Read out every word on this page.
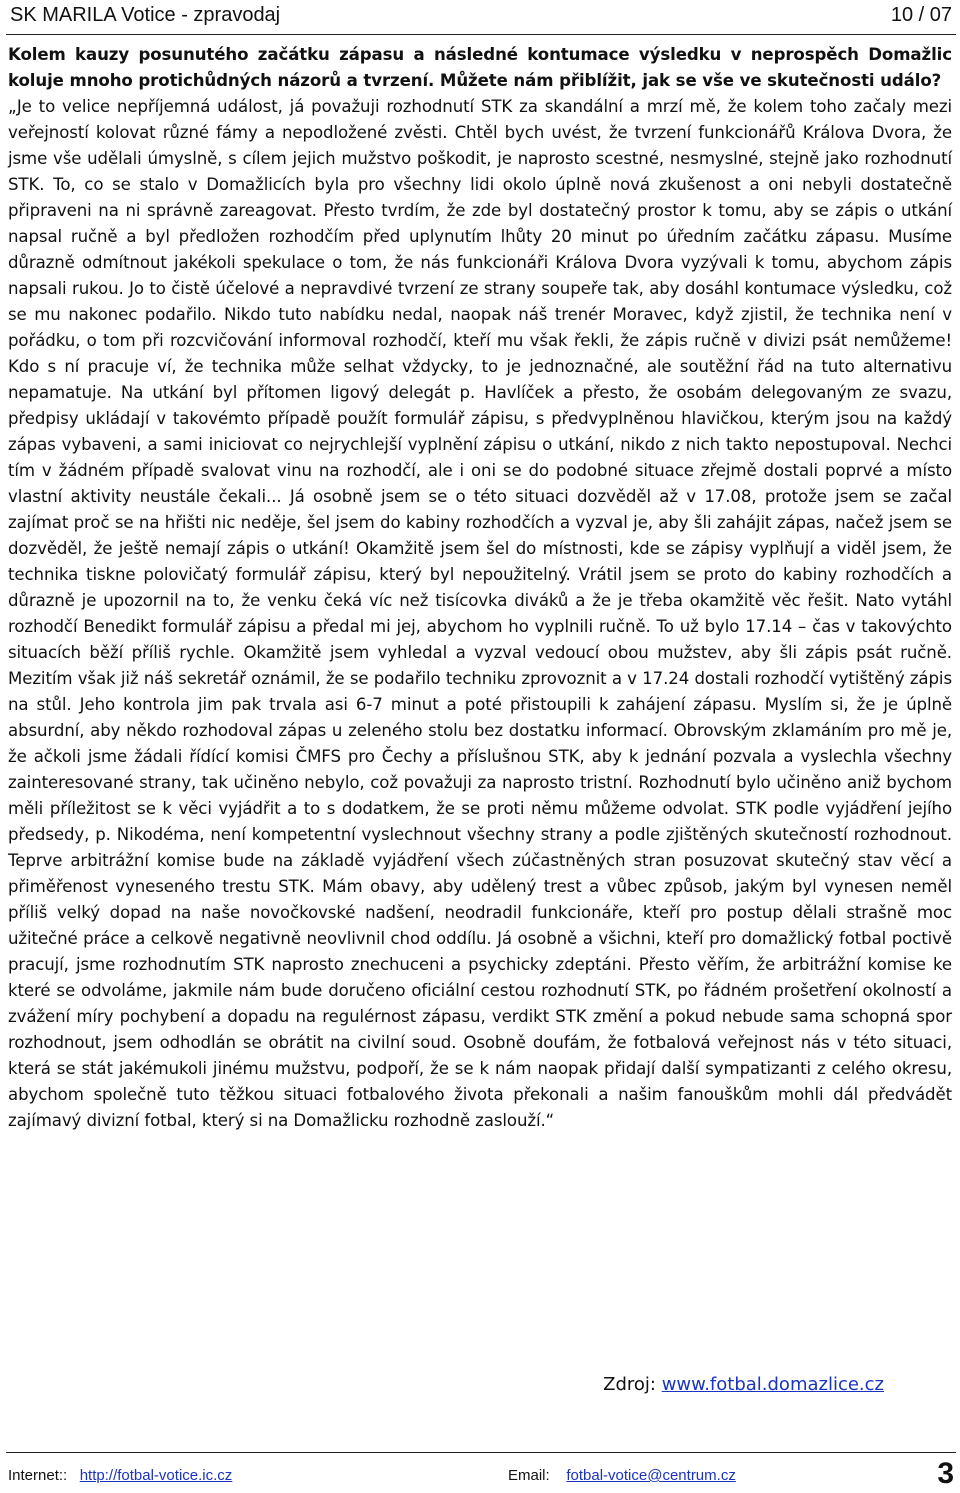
SK MARILA Votice - zpravodaj	10 / 07

Kolem kauzy posunutého začátku zápasu a následné kontumace výsledku v neprospěch Domažlic koluje mnoho protichůdných názorů a tvrzení. Můžete nám přiblížit, jak se vše ve skutečnosti událo?

„Je to velice nepříjemná událost, já považuji rozhodnutí STK za skandální a mrzí mě, že kolem toho začaly mezi veřejností kolovat různé fámy a nepodložené zvěsti. Chtěl bych uvést, že tvrzení funkcionářů Králova Dvora, že jsme vše udělali úmyslně, s cílem jejich mužstvo poškodit, je naprosto scestné, nesmyslné, stejně jako rozhodnutí STK. To, co se stalo v Domažlicích byla pro všechny lidi okolo úplně nová zkušenost a oni nebyli dostatečně připraveni na ni správně zareagovat. Přesto tvrdím, že zde byl dostatečný prostor k tomu, aby se zápis o utkání napsal ručně a byl předložen rozhodčím před uplynutím lhůty 20 minut po úředním začátku zápasu. Musíme důrazně odmítnout jakékoli spekulace o tom, že nás funkcionáři Králova Dvora vyzývali k tomu, abychom zápis napsali rukou. Jo to čistě účelové a nepravdivé tvrzení ze strany soupeře tak, aby dosáhl kontumace výsledku, což se mu nakonec podařilo. Nikdo tuto nabídku nedal, naopak náš trenér Moravec, když zjistil, že technika není v pořádku, o tom při rozcvičování informoval rozhodčí, kteří mu však řekli, že zápis ručně v divizi psát nemůžeme! Kdo s ní pracuje ví, že technika může selhat vždycky, to je jednoznačné, ale soutěžní řád na tuto alternativu nepamatuje. Na utkání byl přítomen ligový delegát p. Havlíček a přesto, že osobám delegovaným ze svazu, předpisy ukládají v takovémto případě použít formulář zápisu, s předvyplněnou hlavičkou, kterým jsou na každý zápas vybaveni, a sami iniciovat co nejrychlejší vyplnění zápisu o utkání, nikdo z nich takto nepostupoval. Nechci tím v žádném případě svalovat vinu na rozhodčí, ale i oni se do podobné situace zřejmě dostali poprvé a místo vlastní aktivity neustále čekali... Já osobně jsem se o této situaci dozvěděl až v 17.08, protože jsem se začal zajímat proč se na hřišti nic neděje, šel jsem do kabiny rozhodčích a vyzval je, aby šli zahájit zápas, načež jsem se dozvěděl, že ještě nemají zápis o utkání! Okamžitě jsem šel do místnosti, kde se zápisy vyplňují a viděl jsem, že technika tiskne polovičatý formulář zápisu, který byl nepoužitelný. Vrátil jsem se proto do kabiny rozhodčích a důrazně je upozornil na to, že venku čeká víc než tisícovka diváků a že je třeba okamžitě věc řešit. Nato vytáhl rozhodčí Benedikt formulář zápisu a předal mi jej, abychom ho vyplnili ručně. To už bylo 17.14 – čas v takovýchto situacích běží příliš rychle. Okamžitě jsem vyhledal a vyzval vedoucí obou mužstev, aby šli zápis psát ručně. Mezitím však již náš sekretář oznámil, že se podařilo techniku zprovoznit a v 17.24 dostali rozhodčí vytištěný zápis na stůl. Jeho kontrola jim pak trvala asi 6-7 minut a poté přistoupili k zahájení zápasu. Myslím si, že je úplně absurdní, aby někdo rozhodoval zápas u zeleného stolu bez dostatku informací. Obrovským zklamáním pro mě je, že ačkoli jsme žádali řídící komisi ČMFS pro Čechy a příslušnou STK, aby k jednání pozvala a vyslechla všechny zainteresované strany, tak učiněno nebylo, což považuji za naprosto tristní. Rozhodnutí bylo učiněno aniž bychom měli příležitost se k věci vyjádřit a to s dodatkem, že se proti němu můžeme odvolat. STK podle vyjádření jejího předsedy, p. Nikodéma, není kompetentní vyslechnout všechny strany a podle zjištěných skutečností rozhodnout. Teprve arbitrážní komise bude na základě vyjádření všech zúčastněných stran posuzovat skutečný stav věcí a přiměřenost vyneseného trestu STK. Mám obavy, aby udělený trest a vůbec způsob, jakým byl vynesen neměl příliš velký dopad na naše novočkovské nadšení, neodradil funkcionáře, kteří pro postup dělali strašně moc užitečné práce a celkově negativně neovlivnil chod oddílu. Já osobně a všichni, kteří pro domažlický fotbal poctivě pracují, jsme rozhodnutím STK naprosto znechuceni a psychicky zdeptáni. Přesto věřím, že arbitrážní komise ke které se odvoláme, jakmile nám bude doručeno oficiální cestou rozhodnutí STK, po řádném prošetření okolností a zvážení míry pochybení a dopadu na regulérnost zápasu, verdikt STK změní a pokud nebude sama schopná spor rozhodnout, jsem odhodlán se obrátit na civilní soud. Osobně doufám, že fotbalová veřejnost nás v této situaci, která se stát jakémukoli jinému mužstvu, podpoří, že se k nám naopak přidají další sympatizanti z celého okresu, abychom společně tuto těžkou situaci fotbalového života překonali a našim fanouškům mohli dál předvádět zajímavý divizní fotbal, který si na Domažlicku rozhodně zaslouží.“

Zdroj: www.fotbal.domazlice.cz
Internet:: http://fotbal-votice.ic.cz	Email: fotbal-votice@centrum.cz	3
